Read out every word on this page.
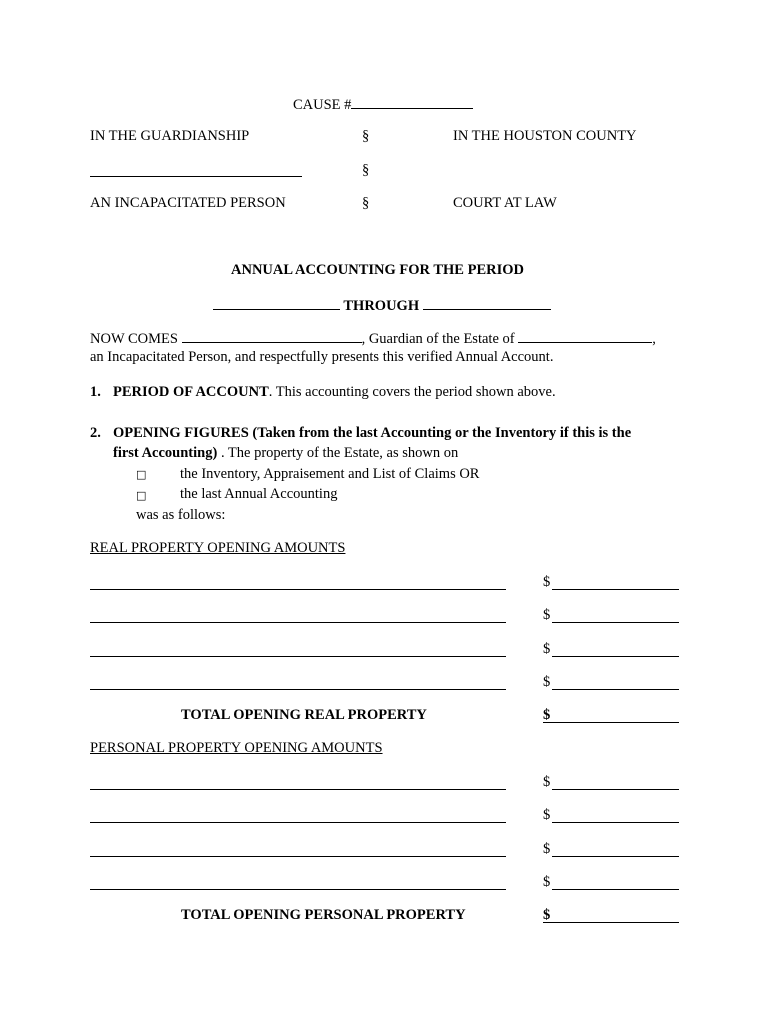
CAUSE #
IN THE GUARDIANSHIP	§	IN THE HOUSTON COUNTY
§
AN INCAPACITATED PERSON	§	COURT AT LAW
ANNUAL ACCOUNTING FOR THE PERIOD
THROUGH
NOW COMES	, Guardian of the Estate of	,
an Incapacitated Person, and respectfully presents this verified Annual Account.
1. PERIOD OF ACCOUNT. This accounting covers the period shown above.
2. OPENING FIGURES (Taken from the last Accounting or the Inventory if this is the
first Accounting) . The property of the Estate, as shown on
□ the Inventory, Appraisement and List of Claims OR
□ the last Annual Accounting
was as follows:
REAL PROPERTY OPENING AMOUNTS
$
$
$
$
TOTAL OPENING REAL PROPERTY	$
PERSONAL PROPERTY OPENING AMOUNTS
$
$
$
$
TOTAL OPENING PERSONAL PROPERTY	$
